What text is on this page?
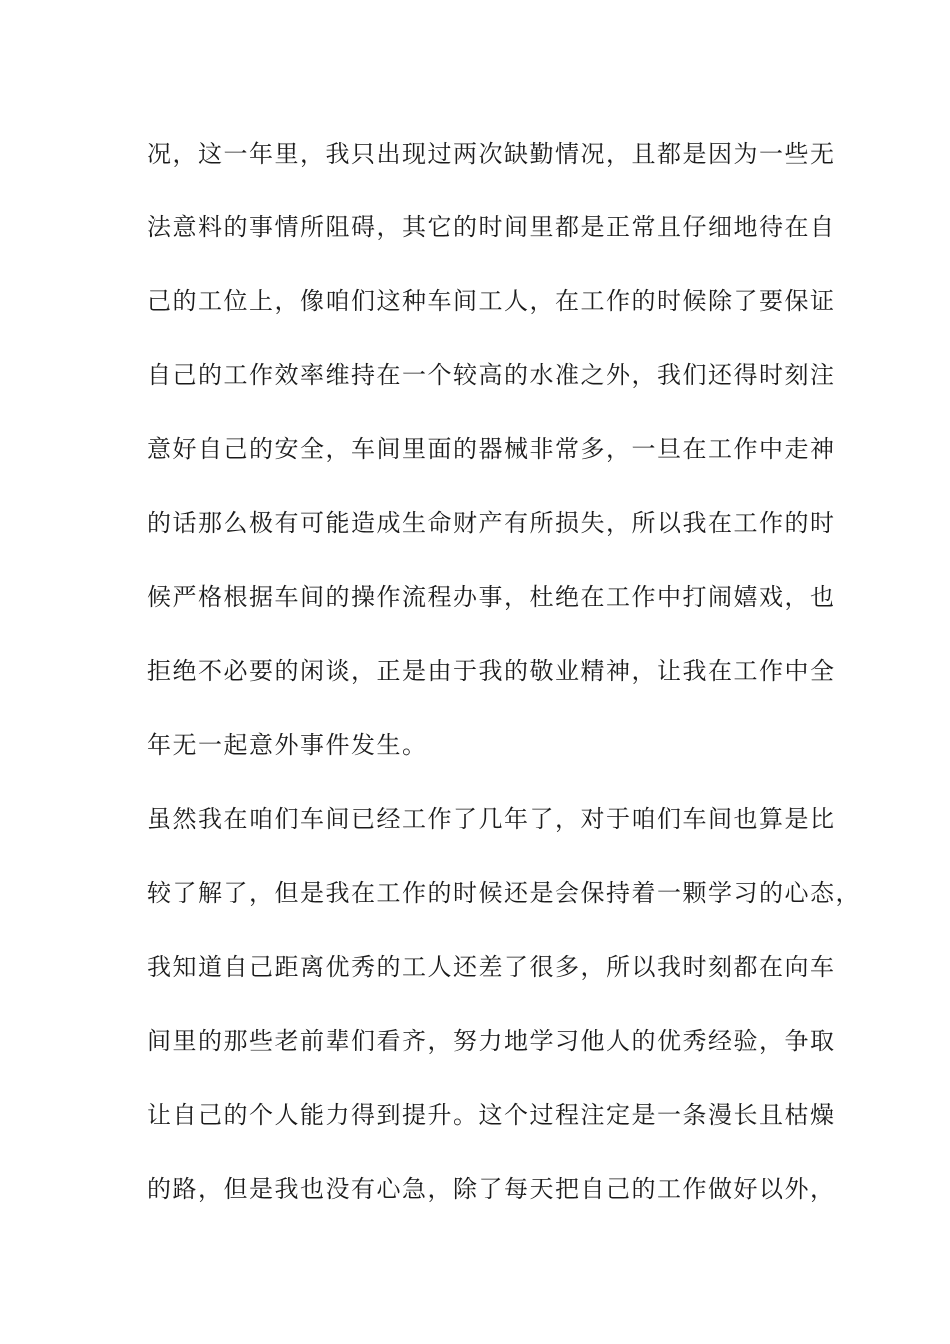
况，这一年里，我只出现过两次缺勤情况，且都是因为一些无
法意料的事情所阻碍，其它的时间里都是正常且仔细地待在自
己的工位上，像咱们这种车间工人，在工作的时候除了要保证
自己的工作效率维持在一个较高的水准之外，我们还得时刻注
意好自己的安全，车间里面的器械非常多，一旦在工作中走神
的话那么极有可能造成生命财产有所损失，所以我在工作的时
候严格根据车间的操作流程办事，杜绝在工作中打闹嬉戏，也
拒绝不必要的闲谈，正是由于我的敬业精神，让我在工作中全
年无一起意外事件发生。
虽然我在咱们车间已经工作了几年了，对于咱们车间也算是比
较了解了，但是我在工作的时候还是会保持着一颗学习的心态，
我知道自己距离优秀的工人还差了很多，所以我时刻都在向车
间里的那些老前辈们看齐，努力地学习他人的优秀经验，争取
让自己的个人能力得到提升。这个过程注定是一条漫长且枯燥
的路，但是我也没有心急，除了每天把自己的工作做好以外，
